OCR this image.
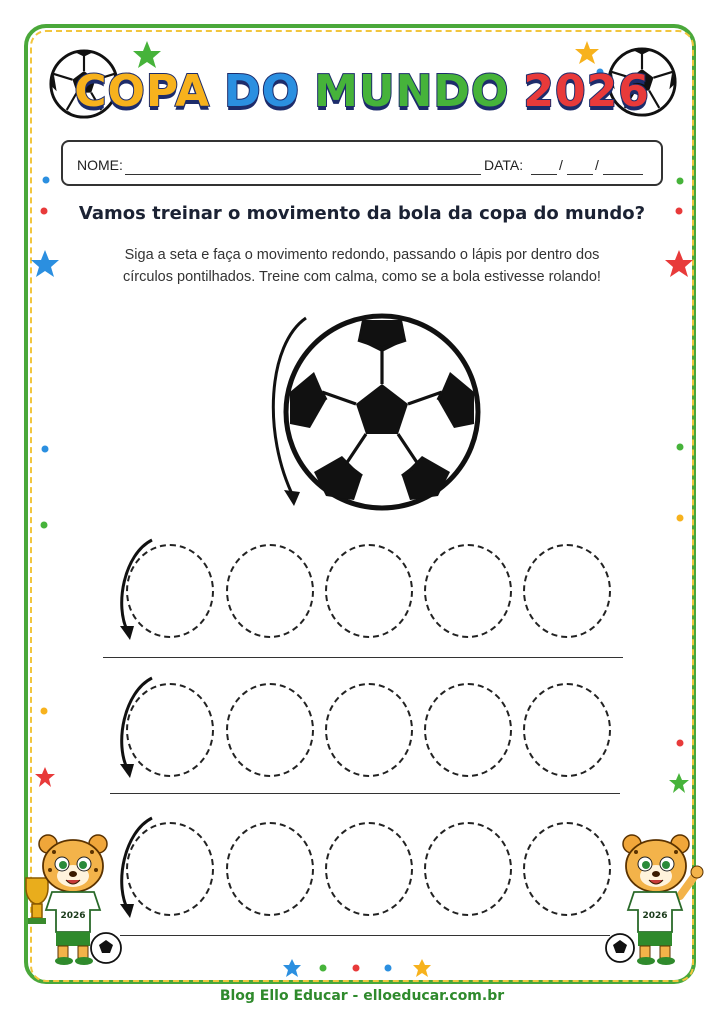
COPA DO MUNDO 2026
NOME:	DATA:	/ /
Vamos treinar o movimento da bola da copa do mundo?
Siga a seta e faça o movimento redondo, passando o lápis por dentro dos
círculos pontilhados. Treine com calma, como se a bola estivesse rolando!
2026	2026
Blog Ello Educar - elloeducar.com.br
